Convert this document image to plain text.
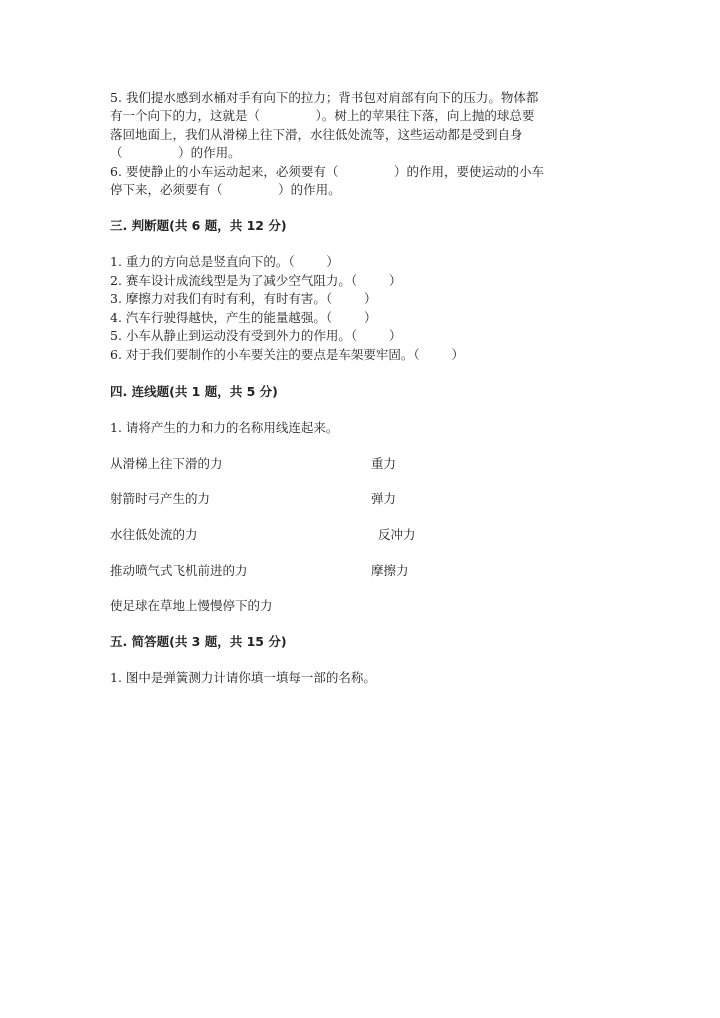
5. 我们提水感到水桶对手有向下的拉力；背书包对肩部有向下的压力。物体都
有一个向下的力，这就是（              ）。树上的苹果往下落，向上抛的球总要
落回地面上，我们从滑梯上往下滑，水往低处流等，这些运动都是受到自身
（              ）的作用。
6. 要使静止的小车运动起来，必须要有（              ）的作用，要使运动的小车
停下来，必须要有（              ）的作用。
三. 判断题(共 6 题，共 12 分)
1. 重力的方向总是竖直向下的。（        ）
2. 赛车设计成流线型是为了减少空气阻力。（        ）
3. 摩擦力对我们有时有利，有时有害。（        ）
4. 汽车行驶得越快，产生的能量越强。（        ）
5. 小车从静止到运动没有受到外力的作用。（        ）
6. 对于我们要制作的小车要关注的要点是车架要牢固。（        ）
四. 连线题(共 1 题，共 5 分)
1. 请将产生的力和力的名称用线连起来。
从滑梯上往下滑的力	重力
射箭时弓产生的力	弹力
水往低处流的力	反冲力
推动喷气式飞机前进的力	摩擦力
使足球在草地上慢慢停下的力
五. 简答题(共 3 题，共 15 分)
1. 图中是弹簧测力计请你填一填每一部的名称。
